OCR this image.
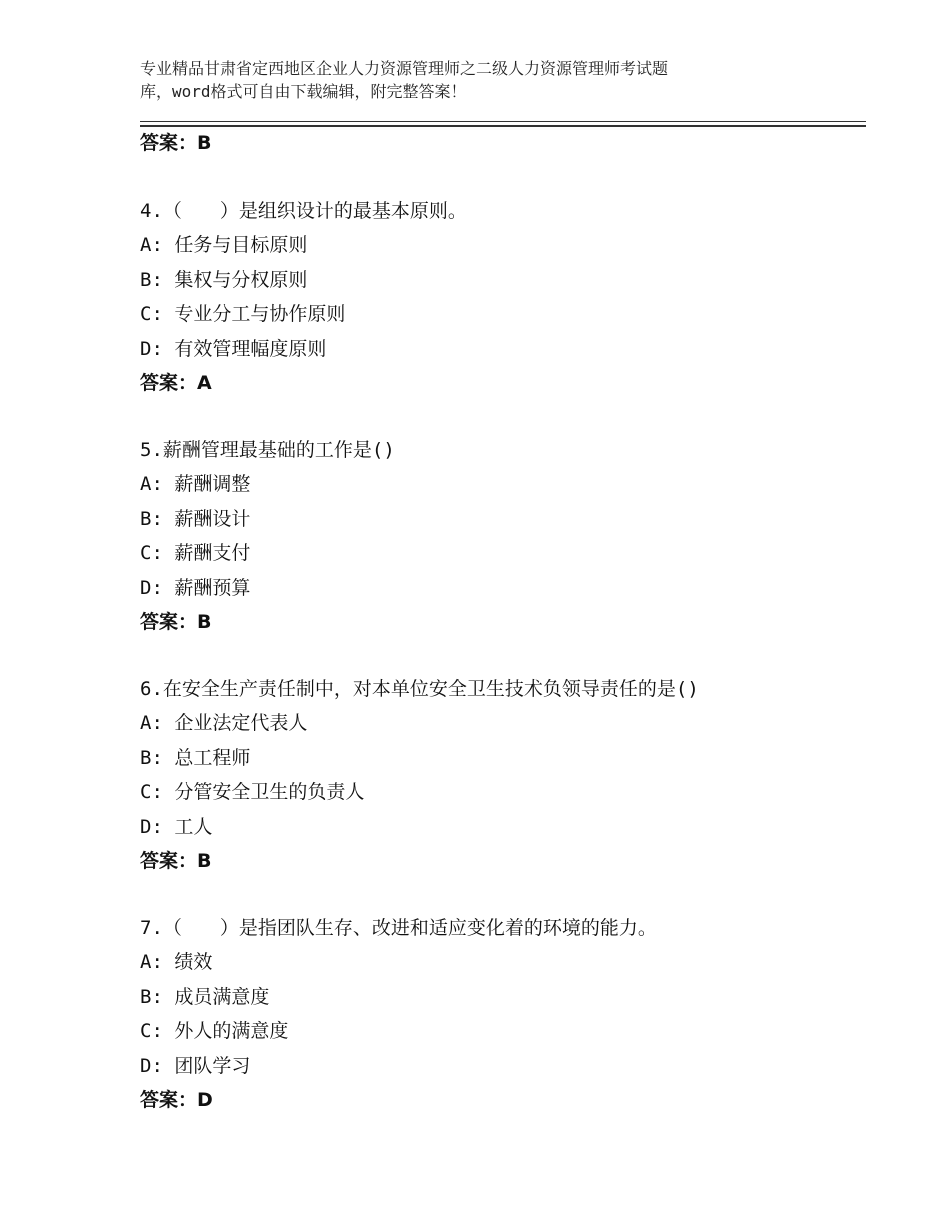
专业精品甘肃省定西地区企业人力资源管理师之二级人力资源管理师考试题
库，word格式可自由下载编辑，附完整答案！
答案：B
4.（　　）是组织设计的最基本原则。
A: 任务与目标原则
B: 集权与分权原则
C: 专业分工与协作原则
D: 有效管理幅度原则
答案：A
5.薪酬管理最基础的工作是()
A: 薪酬调整
B: 薪酬设计
C: 薪酬支付
D: 薪酬预算
答案：B
6.在安全生产责任制中，对本单位安全卫生技术负领导责任的是()
A: 企业法定代表人
B: 总工程师
C: 分管安全卫生的负责人
D: 工人
答案：B
7.（　　）是指团队生存、改进和适应变化着的环境的能力。
A: 绩效
B: 成员满意度
C: 外人的满意度
D: 团队学习
答案：D
